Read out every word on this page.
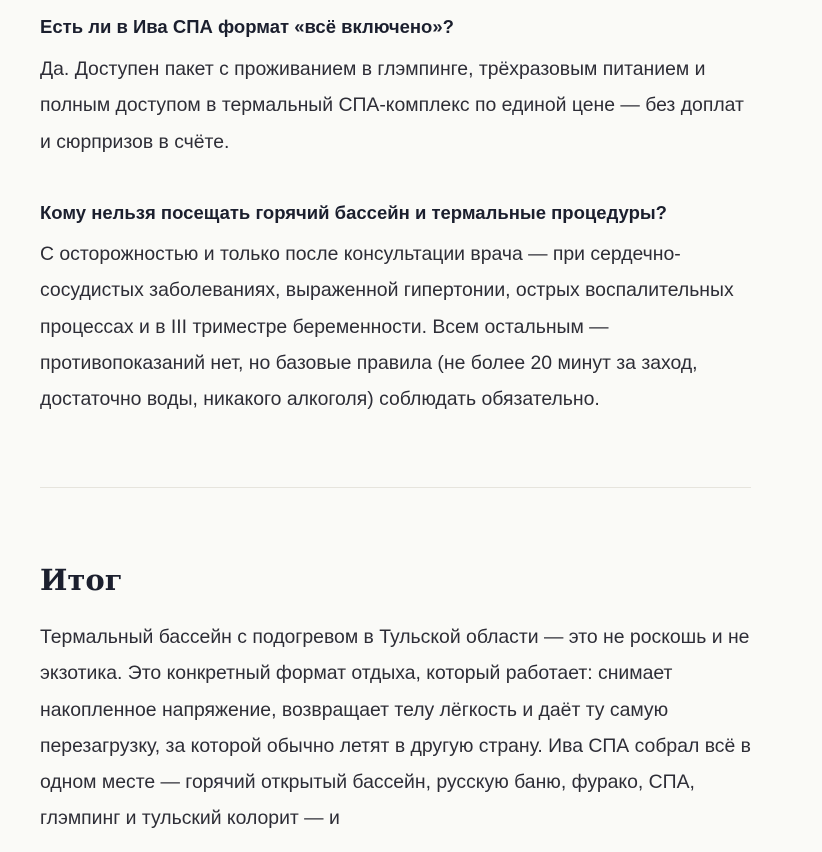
Есть ли в Ива СПА формат «всё включено»?

Да. Доступен пакет с проживанием в глэмпинге, трёхразовым питанием и полным доступом в термальный СПА-комплекс по единой цене — без доплат и сюрпризов в счёте.

Кому нельзя посещать горячий бассейн и термальные процедуры?

С осторожностью и только после консультации врача — при сердечно-сосудистых заболеваниях, выраженной гипертонии, острых воспалительных процессах и в III триместре беременности. Всем остальным — противопоказаний нет, но базовые правила (не более 20 минут за заход, достаточно воды, никакого алкоголя) соблюдать обязательно.

Итог

Термальный бассейн с подогревом в Тульской области — это не роскошь и не экзотика. Это конкретный формат отдыха, который работает: снимает накопленное напряжение, возвращает телу лёгкость и даёт ту самую перезагрузку, за которой обычно летят в другую страну. Ива СПА собрал всё в одном месте — горячий открытый бассейн, русскую баню, фурако, СПА, глэмпинг и тульский колорит — и
